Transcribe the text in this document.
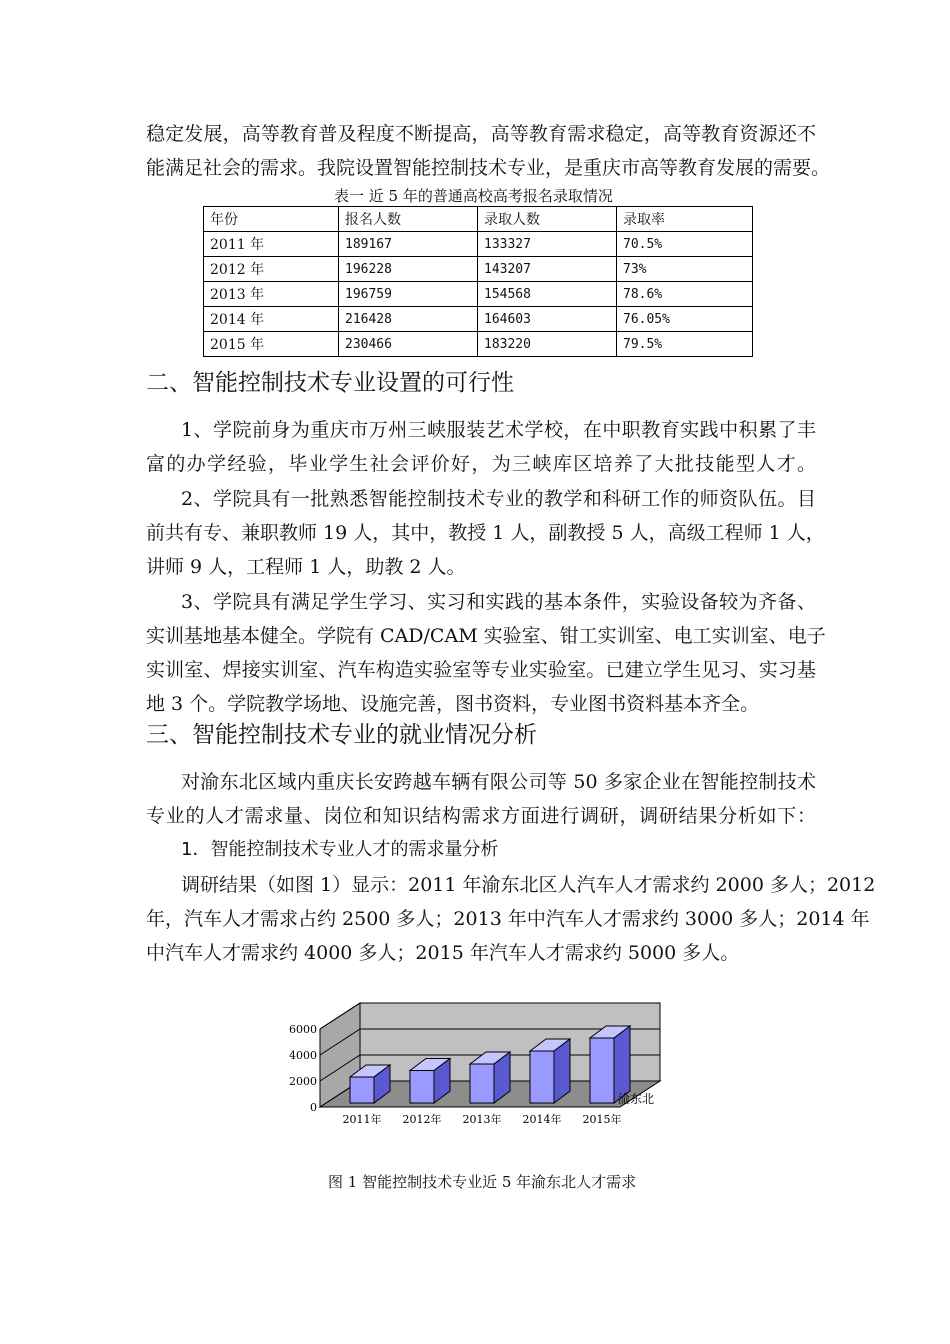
稳定发展，高等教育普及程度不断提高，高等教育需求稳定，高等教育资源还不
能满足社会的需求。我院设置智能控制技术专业，是重庆市高等教育发展的需要。
表一 近 5 年的普通高校高考报名录取情况
年份	报名人数	录取人数	录取率
2011 年	189167	133327	70.5%
2012 年	196228	143207	73%
2013 年	196759	154568	78.6%
2014 年	216428	164603	76.05%
2015 年	230466	183220	79.5%
二、智能控制技术专业设置的可行性
1、学院前身为重庆市万州三峡服装艺术学校，在中职教育实践中积累了丰
富的办学经验，毕业学生社会评价好，为三峡库区培养了大批技能型人才。
2、学院具有一批熟悉智能控制技术专业的教学和科研工作的师资队伍。目
前共有专、兼职教师 19 人，其中，教授 1 人，副教授 5 人，高级工程师 1 人，
讲师 9 人，工程师 1 人，助教 2 人。
3、学院具有满足学生学习、实习和实践的基本条件，实验设备较为齐备、
实训基地基本健全。学院有 CAD/CAM 实验室、钳工实训室、电工实训室、电子
实训室、焊接实训室、汽车构造实验室等专业实验室。已建立学生见习、实习基
地 3 个。学院教学场地、设施完善，图书资料，专业图书资料基本齐全。
三、智能控制技术专业的就业情况分析
对渝东北区域内重庆长安跨越车辆有限公司等 50 多家企业在智能控制技术
专业的人才需求量、岗位和知识结构需求方面进行调研，调研结果分析如下：
1．智能控制技术专业人才的需求量分析
调研结果（如图 1）显示：2011 年渝东北区人汽车人才需求约 2000 多人；2012
年，汽车人才需求占约 2500 多人；2013 年中汽车人才需求约 3000 多人；2014 年
中汽车人才需求约 4000 多人；2015 年汽车人才需求约 5000 多人。
0
2000
4000
6000
2011年 2012年 2013年 2014年 2015年
渝东北
图 1 智能控制技术专业近 5 年渝东北人才需求
